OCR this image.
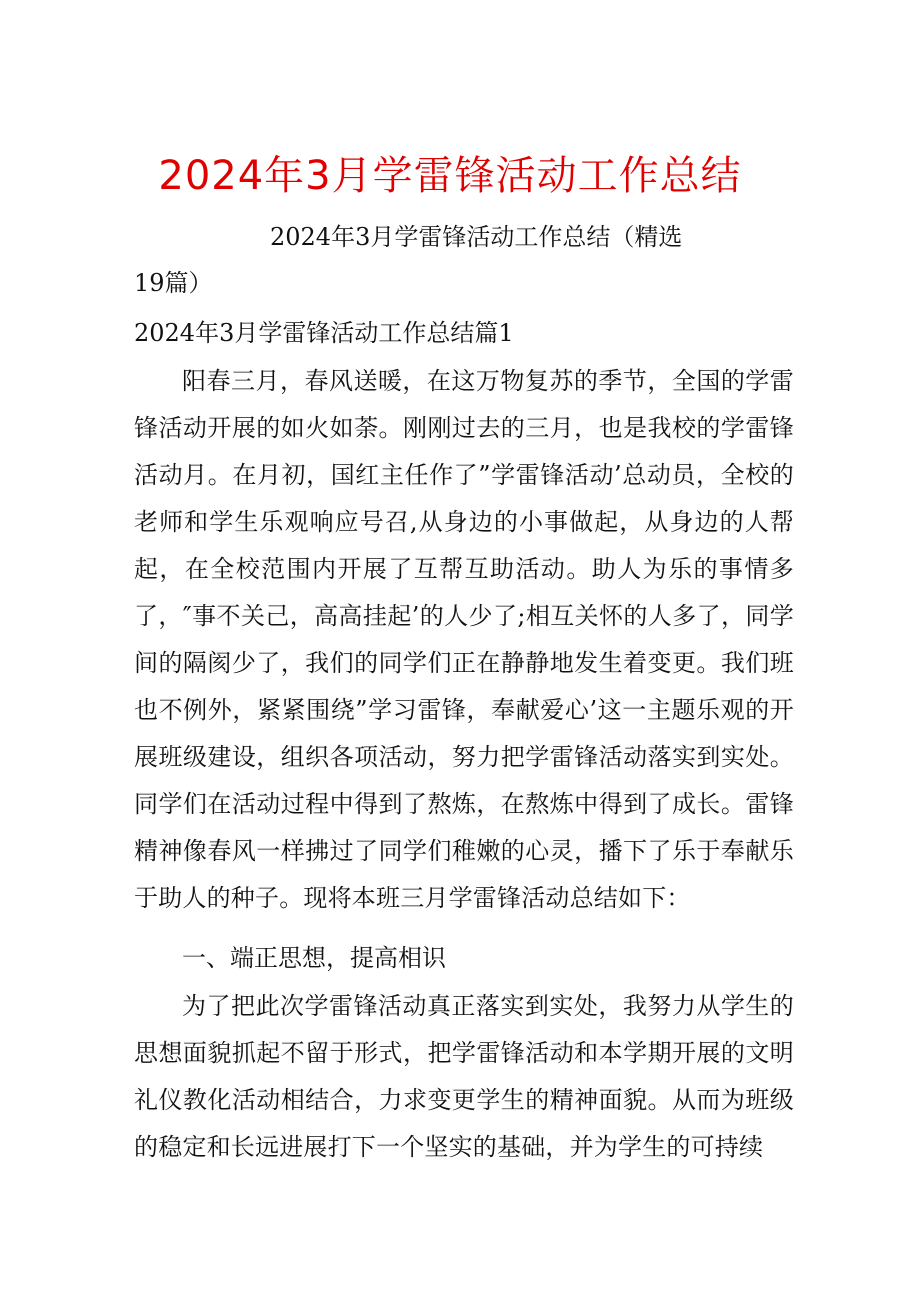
2024年3月学雷锋活动工作总结
2024年3月学雷锋活动工作总结（精选
19篇）
2024年3月学雷锋活动工作总结篇1

阳春三月，春风送暖，在这万物复苏的季节，全国的学雷锋活动开展的如火如荼。刚刚过去的三月，也是我校的学雷锋活动月。在月初，国红主任作了”学雷锋活动’总动员，全校的老师和学生乐观响应号召,从身边的小事做起，从身边的人帮起，在全校范围内开展了互帮互助活动。助人为乐的事情多了，″事不关己，高高挂起’的人少了;相互关怀的人多了，同学间的隔阂少了，我们的同学们正在静静地发生着变更。我们班也不例外，紧紧围绕”学习雷锋，奉献爱心’这一主题乐观的开展班级建设，组织各项活动，努力把学雷锋活动落实到实处。同学们在活动过程中得到了熬炼，在熬炼中得到了成长。雷锋精神像春风一样拂过了同学们稚嫩的心灵，播下了乐于奉献乐于助人的种子。现将本班三月学雷锋活动总结如下：

一、端正思想，提高相识

为了把此次学雷锋活动真正落实到实处，我努力从学生的思想面貌抓起不留于形式，把学雷锋活动和本学期开展的文明礼仪教化活动相结合，力求变更学生的精神面貌。从而为班级的稳定和长远进展打下一个坚实的基础，并为学生的可持续
